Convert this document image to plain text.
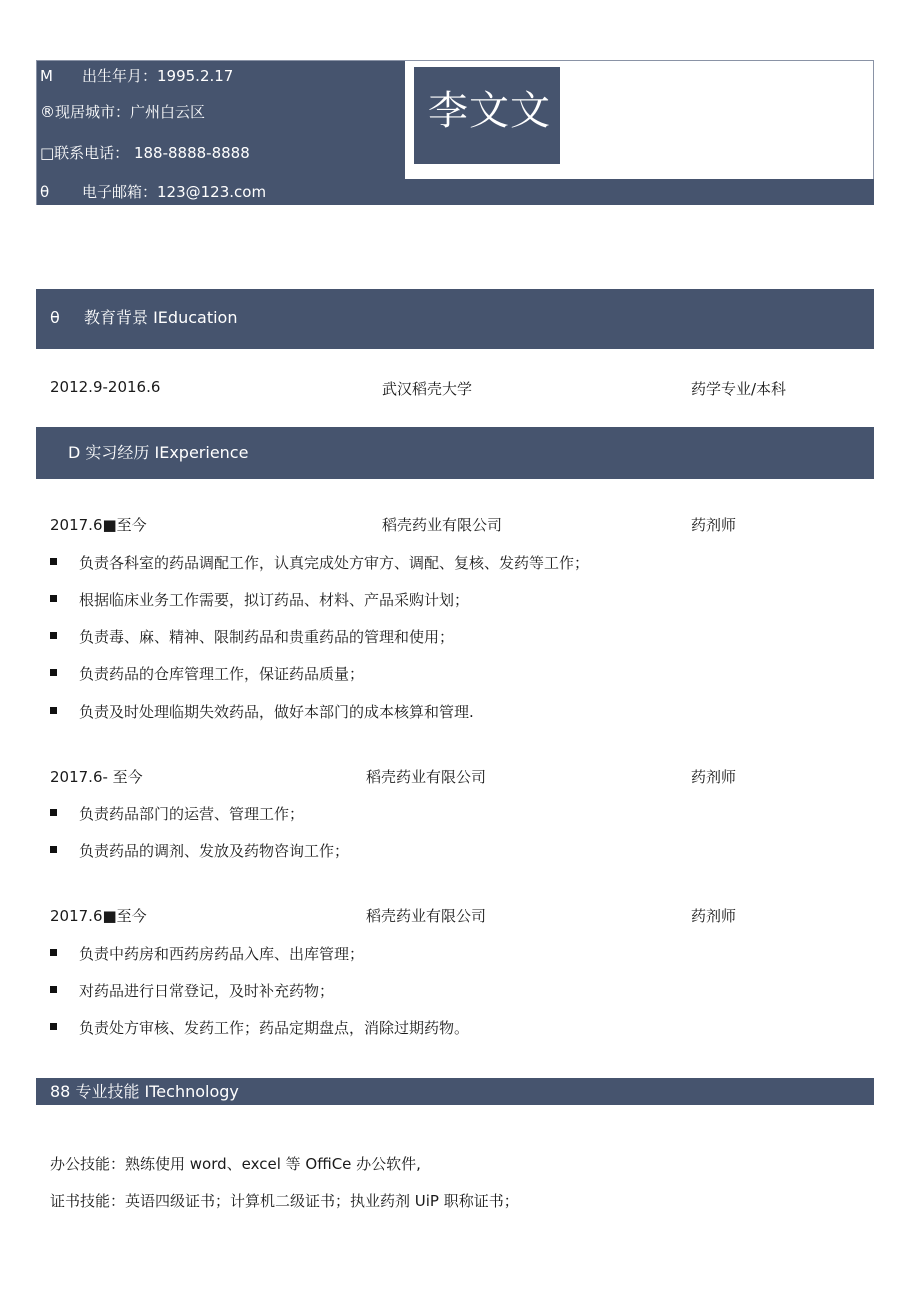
M 出生年月：1995.2.17
®现居城市：广州白云区
□联系电话： 188-8888-8888
李文文
θ 电子邮箱：123@123.com
θ 教育背景 IEducation
2012.9-2016.6	武汉稻壳大学	药学专业/本科
D 实习经历 IExperience
2017.6■至今	稻壳药业有限公司	药剂师
负责各科室的药品调配工作，认真完成处方审方、调配、复核、发药等工作；
根据临床业务工作需要，拟订药品、材料、产品采购计划；
负责毒、麻、精神、限制药品和贵重药品的管理和使用；
负责药品的仓库管理工作，保证药品质量；
负责及时处理临期失效药品，做好本部门的成本核算和管理.
2017.6- 至今	稻壳药业有限公司	药剂师
负责药品部门的运营、管理工作；
负责药品的调剂、发放及药物咨询工作；
2017.6■至今	稻壳药业有限公司	药剂师
负责中药房和西药房药品入库、出库管理；
对药品进行日常登记，及时补充药物；
负责处方审核、发药工作；药品定期盘点，消除过期药物。
88 专业技能 ITechnology
办公技能：熟练使用 word、excel 等 OffiCe 办公软件,
证书技能：英语四级证书；计算机二级证书；执业药剂 UiP 职称证书；
